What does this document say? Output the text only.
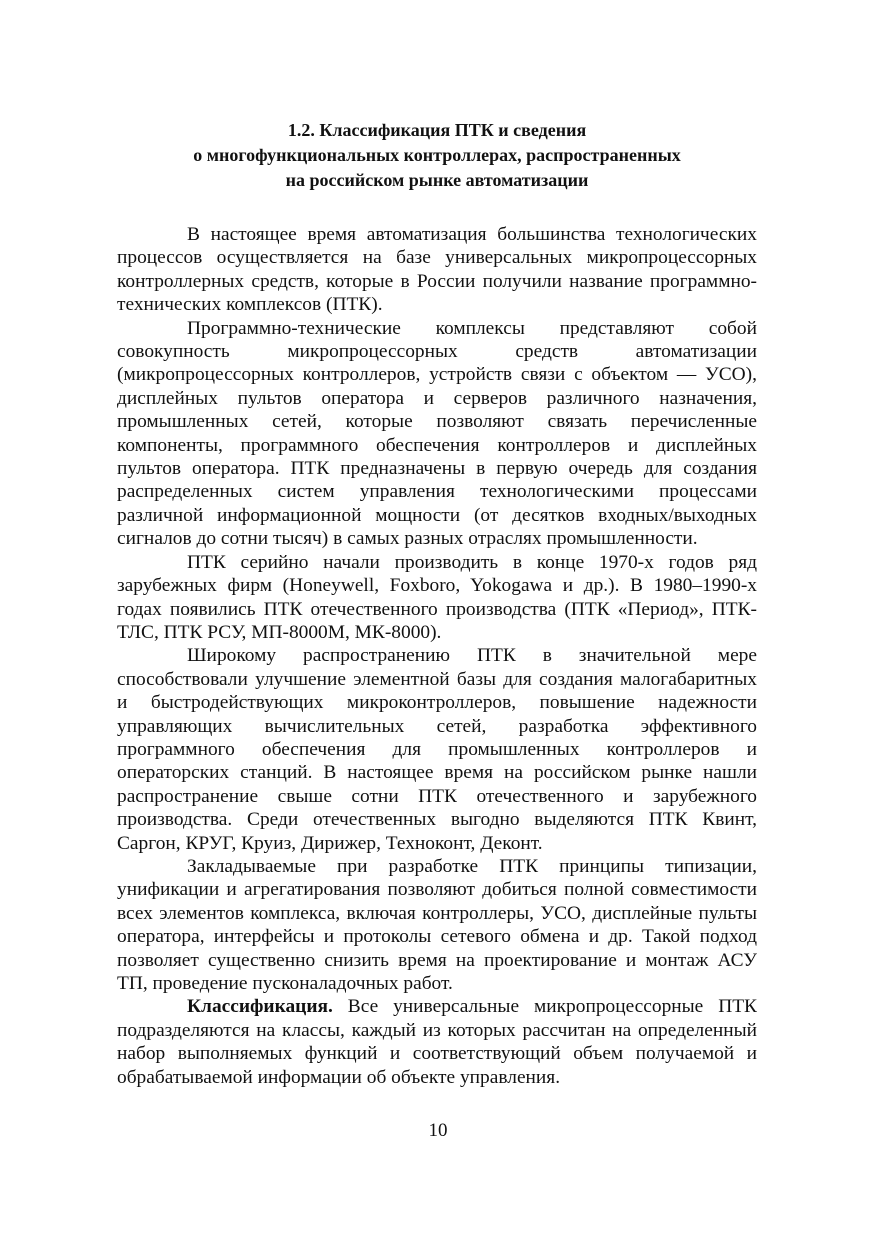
1.2. Классификация ПТК и сведения
о многофункциональных контроллерах, распространенных
на российском рынке автоматизации

В настоящее время автоматизация большинства технологических процессов осуществляется на базе универсальных микропроцессорных контроллерных средств, которые в России получили название программно-технических комплексов (ПТК).

Программно-технические комплексы представляют собой совокупность микропроцессорных средств автоматизации (микропроцессорных контроллеров, устройств связи с объектом — УСО), дисплейных пультов оператора и серверов различного назначения, промышленных сетей, которые позволяют связать перечисленные компоненты, программного обеспечения контроллеров и дисплейных пультов оператора. ПТК предназначены в первую очередь для создания распределенных систем управления технологическими процессами различной информационной мощности (от десятков входных/выходных сигналов до сотни тысяч) в самых разных отраслях промышленности.

ПТК серийно начали производить в конце 1970-х годов ряд зарубежных фирм (Honeywell, Foxboro, Yokogawa и др.). В 1980–1990-х годах появились ПТК отечественного производства (ПТК «Период», ПТК-ТЛС, ПТК РСУ, МП-8000М, МК-8000).

Широкому распространению ПТК в значительной мере способствовали улучшение элементной базы для создания малогабаритных и быстродействующих микроконтроллеров, повышение надежности управляющих вычислительных сетей, разработка эффективного программного обеспечения для промышленных контроллеров и операторских станций. В настоящее время на российском рынке нашли распространение свыше сотни ПТК отечественного и зарубежного производства. Среди отечественных выгодно выделяются ПТК Квинт, Саргон, КРУГ, Круиз, Дирижер, Техноконт, Деконт.

Закладываемые при разработке ПТК принципы типизации, унификации и агрегатирования позволяют добиться полной совместимости всех элементов комплекса, включая контроллеры, УСО, дисплейные пульты оператора, интерфейсы и протоколы сетевого обмена и др. Такой подход позволяет существенно снизить время на проектирование и монтаж АСУ ТП, проведение пусконаладочных работ.

Классификация. Все универсальные микропроцессорные ПТК подразделяются на классы, каждый из которых рассчитан на определенный набор выполняемых функций и соответствующий объем получаемой и обрабатываемой информации об объекте управления.

10
